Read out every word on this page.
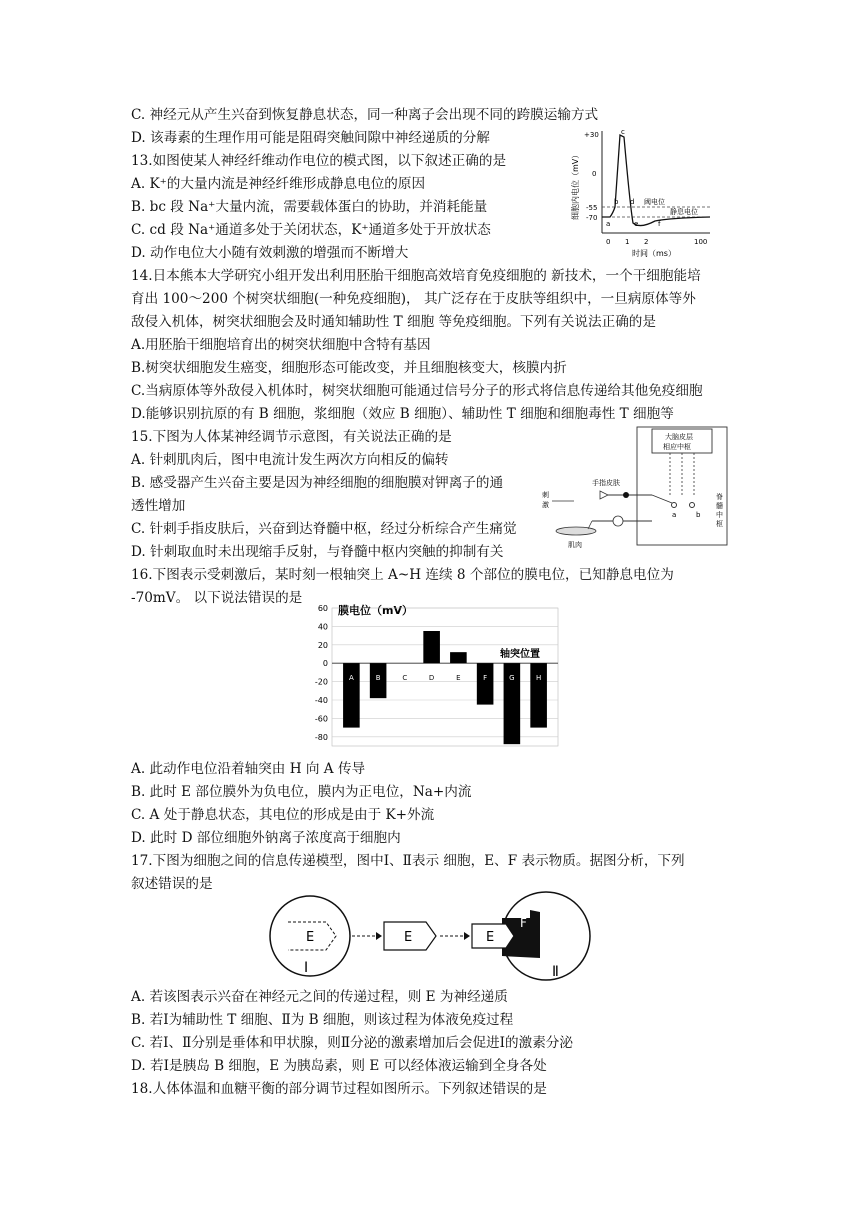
C. 神经元从产生兴奋到恢复静息状态，同一种离子会出现不同的跨膜运输方式
D. 该毒素的生理作用可能是阻碍突触间隙中神经递质的分解
13.如图使某人神经纤维动作电位的模式图，以下叙述正确的是
A. K⁺的大量内流是神经纤维形成静息电位的原因
B. bc 段 Na⁺大量内流，需要载体蛋白的协助，并消耗能量
C. cd 段 Na⁺通道多处于关闭状态，K⁺通道多处于开放状态
D. 动作电位大小随有效刺激的增强而不断增大
细胞内电位（mV）
+30
0
-55
-70
阈电位
静息电位
a
b
c
d
e	f
0 1 2	100
时间（ms）
14.日本熊本大学研究小组开发出利用胚胎干细胞高效培育免疫细胞的 新技术，一个干细胞能培
育出 100～200 个树突状细胞(一种免疫细胞)， 其广泛存在于皮肤等组织中，一旦病原体等外
敌侵入机体，树突状细胞会及时通知辅助性 T 细胞 等免疫细胞。下列有关说法正确的是
A.用胚胎干细胞培育出的树突状细胞中含特有基因
B.树突状细胞发生癌变，细胞形态可能改变，并且细胞核变大，核膜内折
C.当病原体等外敌侵入机体时，树突状细胞可能通过信号分子的形式将信息传递给其他免疫细胞
D.能够识别抗原的有 B 细胞，浆细胞（效应 B 细胞）、辅助性 T 细胞和细胞毒性 T 细胞等
15.下图为人体某神经调节示意图，有关说法正确的是
A. 针刺肌肉后，图中电流计发生两次方向相反的偏转
B. 感受器产生兴奋主要是因为神经细胞的细胞膜对钾离子的通
透性增加
C. 针刺手指皮肤后，兴奋到达脊髓中枢，经过分析综合产生痛觉
D. 针刺取血时未出现缩手反射，与脊髓中枢内突触的抑制有关
大脑皮层
相应中枢
脊
髓
中
枢
手指皮肤
a	b
刺
激
肌肉
16.下图表示受刺激后，某时刻一根轴突上 A~H 连续 8 个部位的膜电位，已知静息电位为
-70mV。 以下说法错误的是
膜电位（mV）
轴突位置
60
40
20
0
-20
-40
-60
-80
A	B	C	D	E	F	G	H
A. 此动作电位沿着轴突由 H 向 A 传导
B. 此时 E 部位膜外为负电位，膜内为正电位，Na+内流
C. A 处于静息状态，其电位的形成是由于 K+外流
D. 此时 D 部位细胞外钠离子浓度高于细胞内
17.下图为细胞之间的信息传递模型，图中Ⅰ、Ⅱ表示 细胞，E、F 表示物质。据图分析，下列
叙述错误的是
E
Ⅰ
E	E
F
Ⅱ
A. 若该图表示兴奋在神经元之间的传递过程，则 E 为神经递质
B. 若Ⅰ为辅助性 T 细胞、Ⅱ为 B 细胞，则该过程为体液免疫过程
C. 若Ⅰ、Ⅱ分别是垂体和甲状腺，则Ⅱ分泌的激素增加后会促进Ⅰ的激素分泌
D. 若Ⅰ是胰岛 B 细胞，E 为胰岛素，则 E 可以经体液运输到全身各处
18.人体体温和血糖平衡的部分调节过程如图所示。下列叙述错误的是
